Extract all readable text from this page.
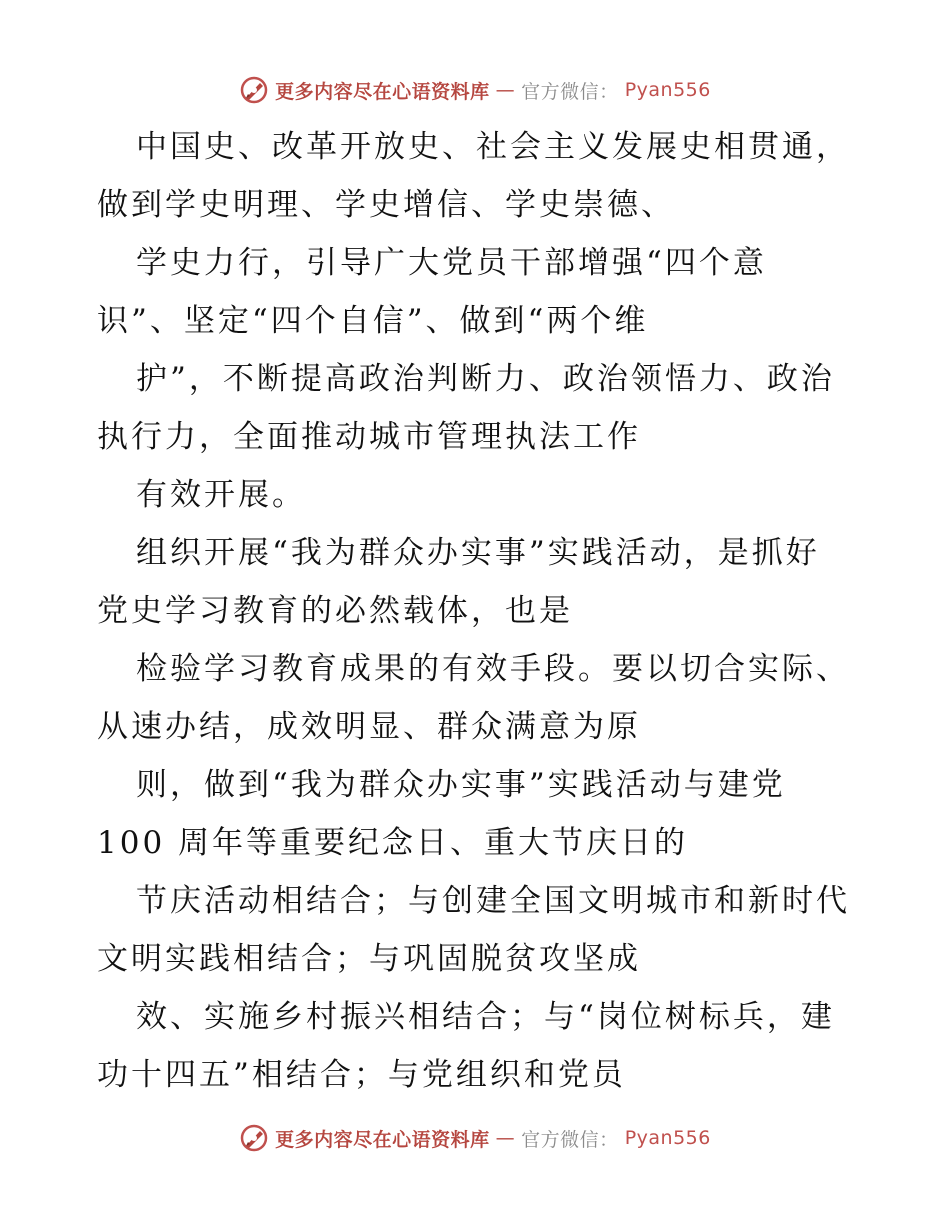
更多内容尽在心语资料库 — 官方微信： Pyan556
中国史、改革开放史、社会主义发展史相贯通，
做到学史明理、学史增信、学史崇德、
学史力行，引导广大党员干部增强“四个意
识”、坚定“四个自信”、做到“两个维
护”，不断提高政治判断力、政治领悟力、政治
执行力，全面推动城市管理执法工作
有效开展。
组织开展“我为群众办实事”实践活动，是抓好
党史学习教育的必然载体，也是
检验学习教育成果的有效手段。要以切合实际、
从速办结，成效明显、群众满意为原
则，做到“我为群众办实事”实践活动与建党
100 周年等重要纪念日、重大节庆日的
节庆活动相结合；与创建全国文明城市和新时代
文明实践相结合；与巩固脱贫攻坚成
效、实施乡村振兴相结合；与“岗位树标兵，建
功十四五”相结合；与党组织和党员
更多内容尽在心语资料库 — 官方微信： Pyan556
